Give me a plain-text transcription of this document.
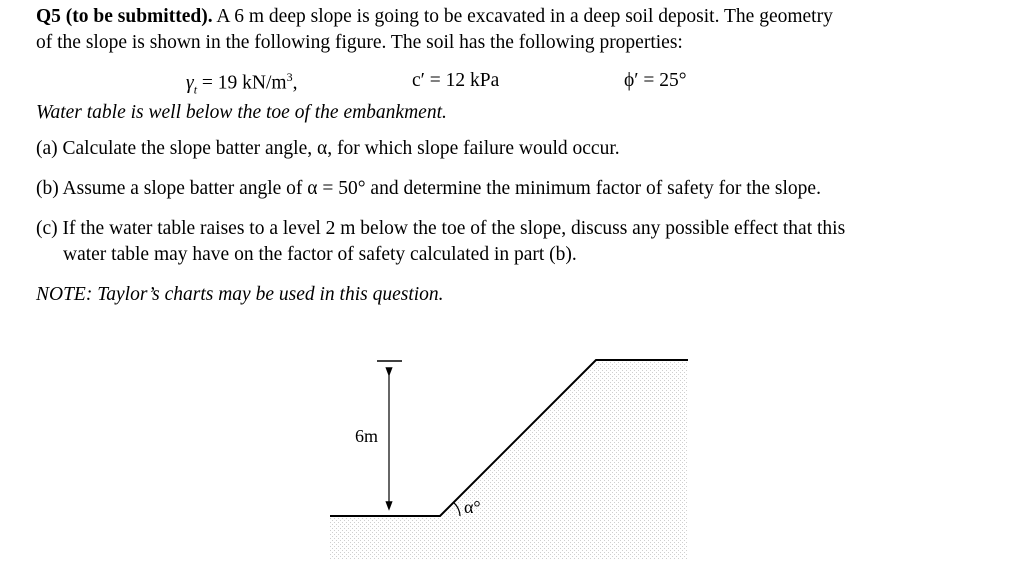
Q5 (to be submitted). A 6 m deep slope is going to be excavated in a deep soil deposit. The geometry
of the slope is shown in the following figure. The soil has the following properties:
$\gamma_t = 19$ $kN/m^3$,	c′ = 12 kPa	ϕ′ = 25°
Water table is well below the toe of the embankment.
(a) Calculate the slope batter angle, α, for which slope failure would occur.
(b) Assume a slope batter angle of α = 50° and determine the minimum factor of safety for the slope.
(c) If the water table raises to a level 2 m below the toe of the slope, discuss any possible effect that this
water table may have on the factor of safety calculated in part (b).
NOTE: Taylor’s charts may be used in this question.
6m
α°
